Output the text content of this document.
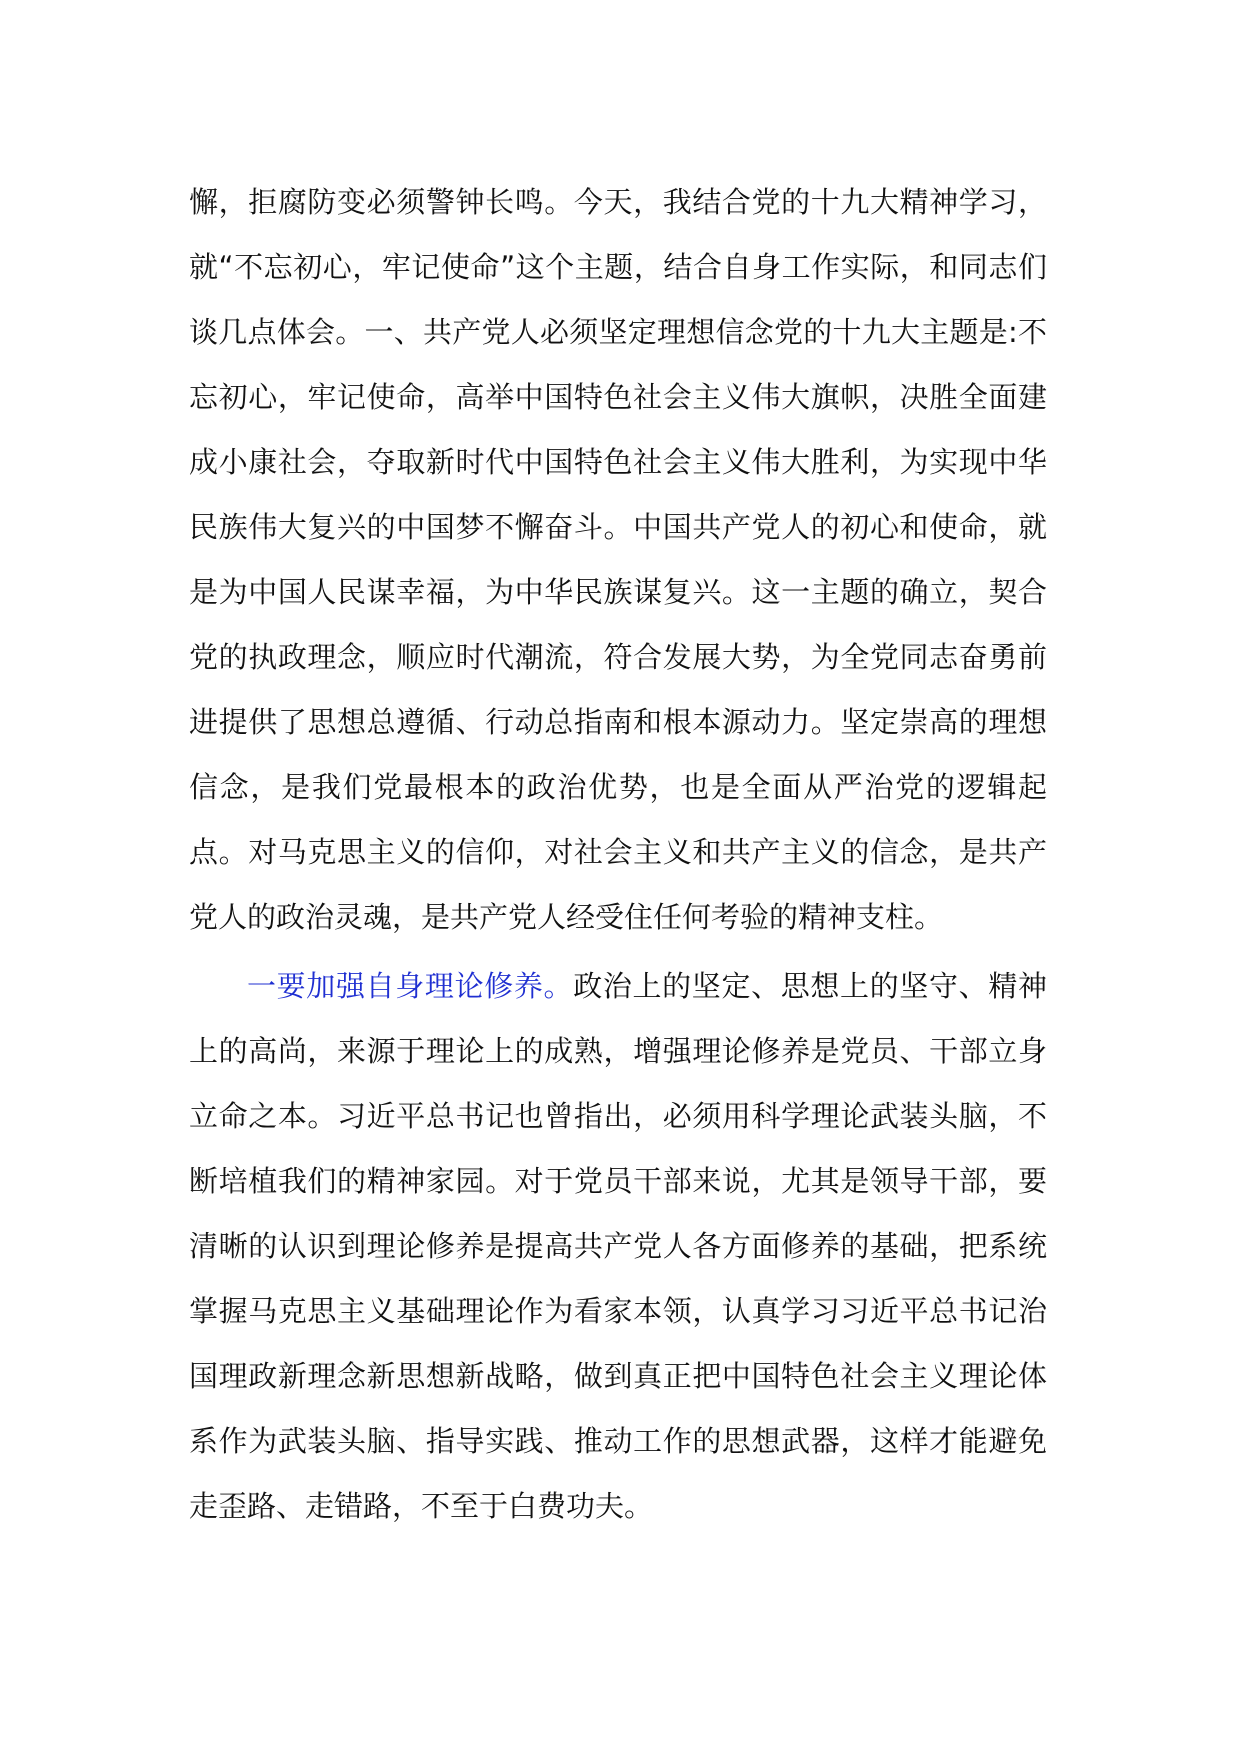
懈，拒腐防变必须警钟长鸣。今天，我结合党的十九大精神学习，就“不忘初心，牢记使命”这个主题，结合自身工作实际，和同志们谈几点体会。一、共产党人必须坚定理想信念党的十九大主题是:不忘初心，牢记使命，高举中国特色社会主义伟大旗帜，决胜全面建成小康社会，夺取新时代中国特色社会主义伟大胜利，为实现中华民族伟大复兴的中国梦不懈奋斗。中国共产党人的初心和使命，就是为中国人民谋幸福，为中华民族谋复兴。这一主题的确立，契合党的执政理念，顺应时代潮流，符合发展大势，为全党同志奋勇前进提供了思想总遵循、行动总指南和根本源动力。坚定崇高的理想信念，是我们党最根本的政治优势，也是全面从严治党的逻辑起点。对马克思主义的信仰，对社会主义和共产主义的信念，是共产党人的政治灵魂，是共产党人经受住任何考验的精神支柱。

一要加强自身理论修养。政治上的坚定、思想上的坚守、精神上的高尚，来源于理论上的成熟，增强理论修养是党员、干部立身立命之本。习近平总书记也曾指出，必须用科学理论武装头脑，不断培植我们的精神家园。对于党员干部来说，尤其是领导干部，要清晰的认识到理论修养是提高共产党人各方面修养的基础，把系统掌握马克思主义基础理论作为看家本领，认真学习习近平总书记治国理政新理念新思想新战略，做到真正把中国特色社会主义理论体系作为武装头脑、指导实践、推动工作的思想武器，这样才能避免走歪路、走错路，不至于白费功夫。
